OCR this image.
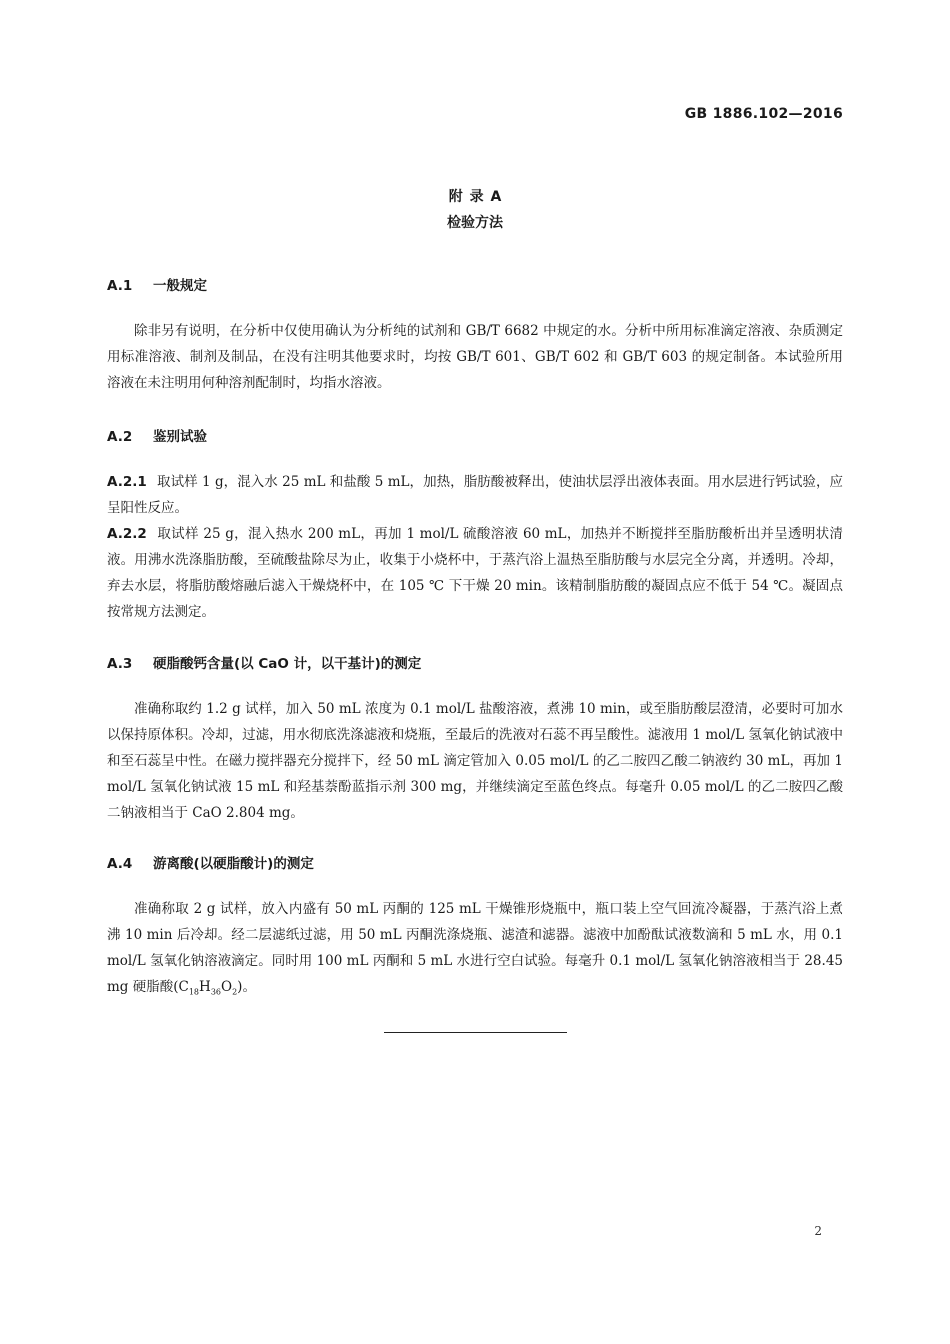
GB 1886.102—2016
附 录 A
检验方法
A.1 一般规定
除非另有说明，在分析中仅使用确认为分析纯的试剂和 GB/T 6682 中规定的水。分析中所用标准滴定溶液、杂质测定用标准溶液、制剂及制品，在没有注明其他要求时，均按 GB/T 601、GB/T 602 和 GB/T 603 的规定制备。本试验所用溶液在未注明用何种溶剂配制时，均指水溶液。
A.2 鉴别试验
A.2.1 取试样 1 g，混入水 25 mL 和盐酸 5 mL，加热，脂肪酸被释出，使油状层浮出液体表面。用水层进行钙试验，应呈阳性反应。
A.2.2 取试样 25 g，混入热水 200 mL，再加 1 mol/L 硫酸溶液 60 mL，加热并不断搅拌至脂肪酸析出并呈透明状清液。用沸水洗涤脂肪酸，至硫酸盐除尽为止，收集于小烧杯中，于蒸汽浴上温热至脂肪酸与水层完全分离，并透明。冷却，弃去水层，将脂肪酸熔融后滤入干燥烧杯中，在 105 ℃ 下干燥 20 min。该精制脂肪酸的凝固点应不低于 54 ℃。凝固点按常规方法测定。
A.3 硬脂酸钙含量(以 CaO 计，以干基计)的测定
准确称取约 1.2 g 试样，加入 50 mL 浓度为 0.1 mol/L 盐酸溶液，煮沸 10 min，或至脂肪酸层澄清，必要时可加水以保持原体积。冷却，过滤，用水彻底洗涤滤液和烧瓶，至最后的洗液对石蕊不再呈酸性。滤液用 1 mol/L 氢氧化钠试液中和至石蕊呈中性。在磁力搅拌器充分搅拌下，经 50 mL 滴定管加入 0.05 mol/L 的乙二胺四乙酸二钠液约 30 mL，再加 1 mol/L 氢氧化钠试液 15 mL 和羟基萘酚蓝指示剂 300 mg，并继续滴定至蓝色终点。每毫升 0.05 mol/L 的乙二胺四乙酸二钠液相当于 CaO 2.804 mg。
A.4 游离酸(以硬脂酸计)的测定
准确称取 2 g 试样，放入内盛有 50 mL 丙酮的 125 mL 干燥锥形烧瓶中，瓶口装上空气回流冷凝器，于蒸汽浴上煮沸 10 min 后冷却。经二层滤纸过滤，用 50 mL 丙酮洗涤烧瓶、滤渣和滤器。滤液中加酚酞试液数滴和 5 mL 水，用 0.1 mol/L 氢氧化钠溶液滴定。同时用 100 mL 丙酮和 5 mL 水进行空白试验。每毫升 0.1 mol/L 氢氧化钠溶液相当于 28.45 mg 硬脂酸$(C_{18}H_{36}O_2)$。
2
